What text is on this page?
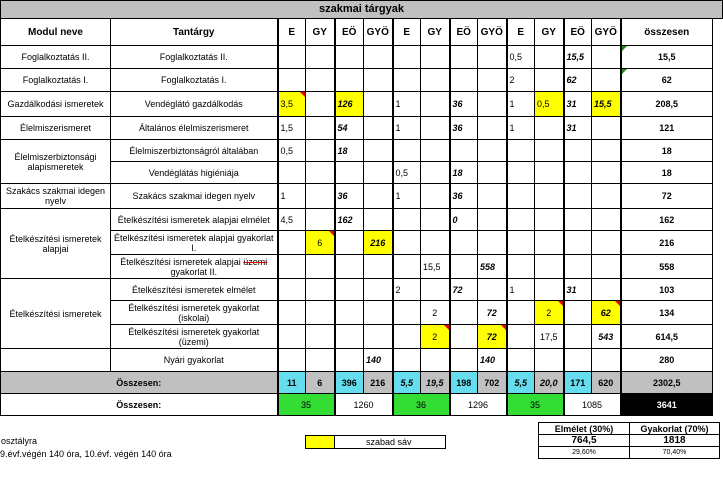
szakmai tárgyak
Modul neve	Tantárgy	E	GY	EÖ	GYÖ	E	GY	EÖ	GYÖ	E	GY	EÖ	GYÖ	összesen
Foglalkoztatás II.	Foglalkoztatás II.									0,5		15,5		15,5
Foglalkoztatás I.	Foglalkoztatás I.									2		62		62
Gazdálkodási ismeretek	Vendéglátó gazdálkodás	3,5		126		1		36		1	0,5	31	15,5	208,5
Élelmiszerismeret	Általános élelmiszerismeret	1,5		54		1		36		1		31		121
Élelmiszerbiztonsági alapismeretek	Élelmiszerbiztonságról általában	0,5		18										18
	Vendéglátás higiéniája					0,5		18						18
Szakács szakmai idegen nyelv	Szakács szakmai idegen nyelv	1		36		1		36						72
Ételkészítési ismeretek alapjai	Ételkészítési ismeretek alapjai elmélet	4,5		162				0						162
	Ételkészítési ismeretek alapjai gyakorlat I.		6		216									216
	Ételkészítési ismeretek alapjai üzemi gyakorlat II.						15,5		558					558
Ételkészítési ismeretek	Ételkészítési ismeretek elmélet					2		72		1		31		103
	Ételkészítési ismeretek gyakorlat (iskolai)						2		72		2		62	134
	Ételkészítési ismeretek gyakorlat (üzemi)						2		72		17,5		543	614,5
	Nyári gyakorlat				140				140					280
Összesen:		11	6	396	216	5,5	19,5	198	702	5,5	20,0	171	620	2302,5
Összesen:		35		1260		36		1296		35		1085		3641
osztályra
9.évf.végén 140 óra, 10.évf. végén 140 óra
szabad sáv
Elmélet (30%)	Gyakorlat (70%)
764,5	1818
29,60%	70,40%
